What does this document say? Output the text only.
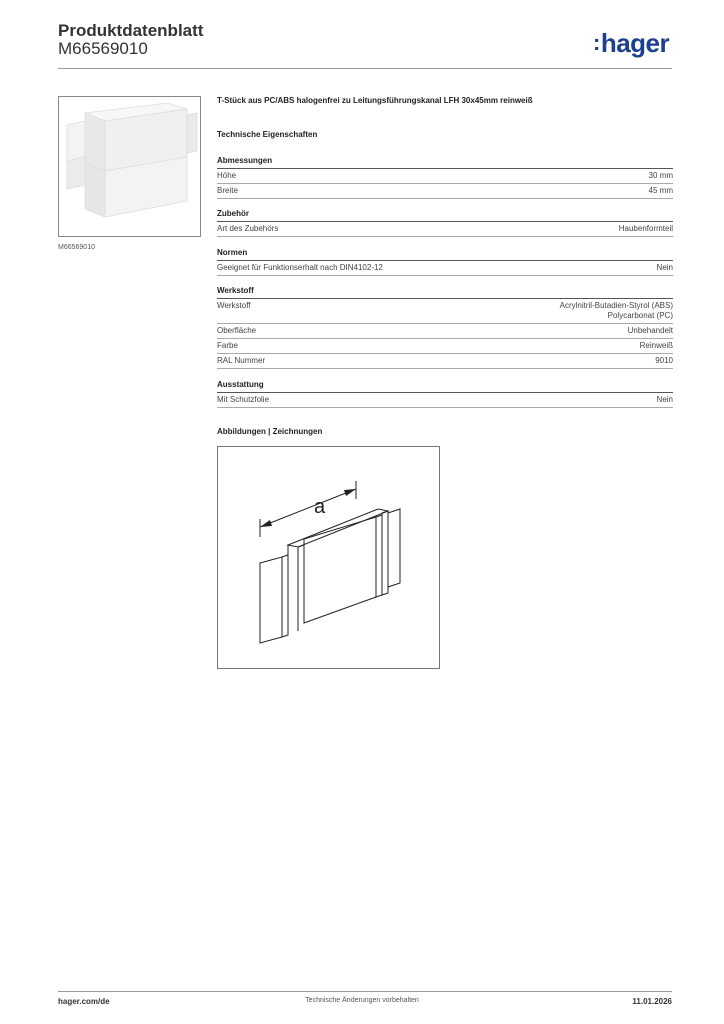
Produktdatenblatt
M66569010	:hager
M66569010

T-Stück aus PC/ABS halogenfrei zu Leitungsführungskanal LFH 30x45mm reinweiß

Technische Eigenschaften
Abmessungen
Höhe	30 mm
Breite	45 mm
Zubehör
Art des Zubehörs	Haubenformteil
Normen
Geeignet für Funktionserhalt nach DIN4102-12	Nein
Werkstoff
Werkstoff	Acrylnitril-Butadien-Styrol (ABS)
Polycarbonat (PC)
Oberfläche	Unbehandelt
Farbe	Reinweiß
RAL Nummer	9010
Ausstattung
Mit Schutzfolie	Nein
Abbildungen | Zeichnungen
a
hager.com/de	Technische Änderungen vorbehalten	11.01.2026
